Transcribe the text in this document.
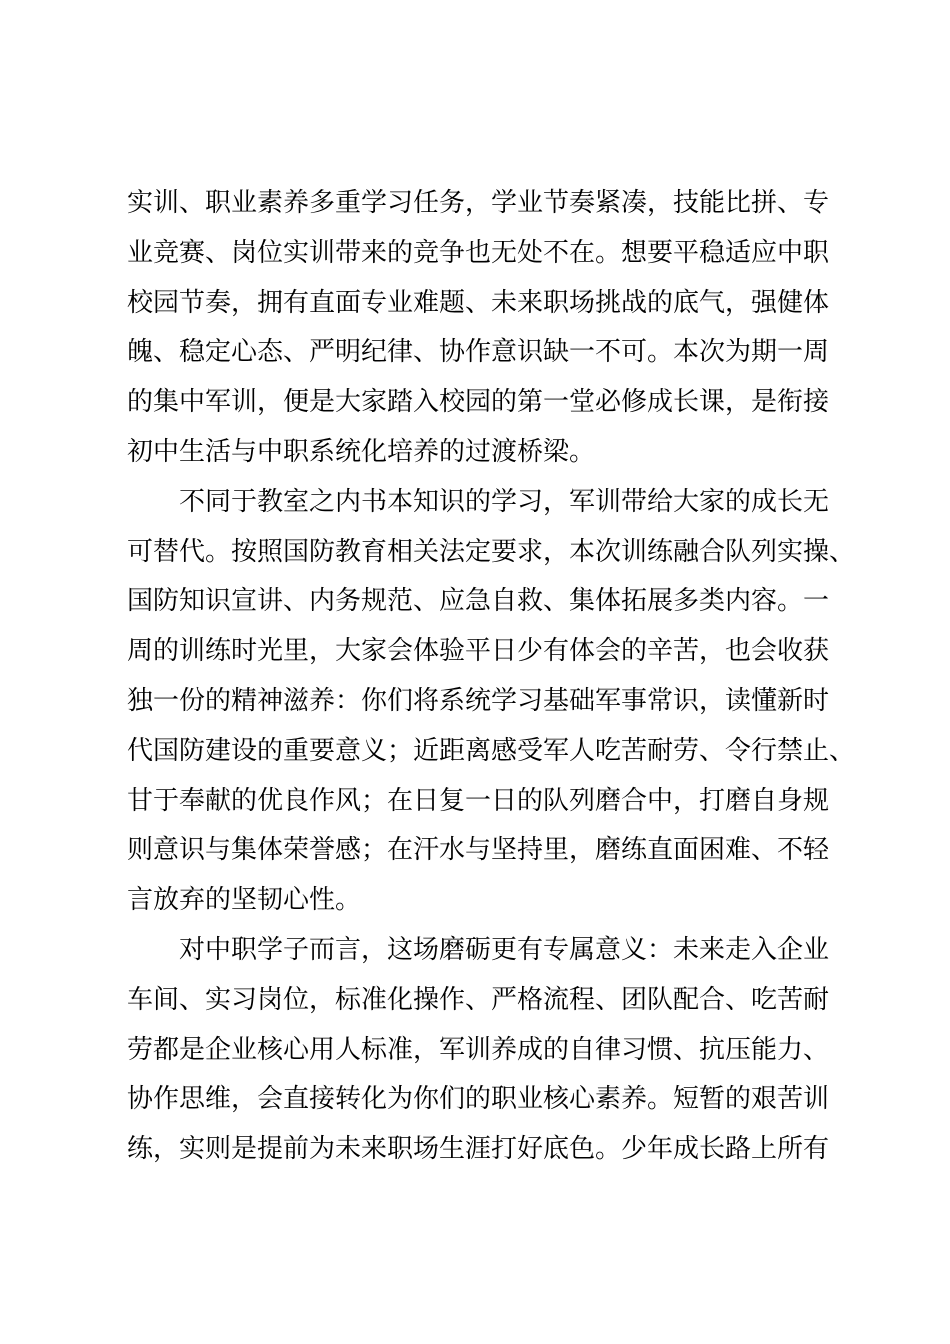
实训、职业素养多重学习任务，学业节奏紧凑，技能比拼、专
业竞赛、岗位实训带来的竞争也无处不在。想要平稳适应中职
校园节奏，拥有直面专业难题、未来职场挑战的底气，强健体
魄、稳定心态、严明纪律、协作意识缺一不可。本次为期一周
的集中军训，便是大家踏入校园的第一堂必修成长课，是衔接
初中生活与中职系统化培养的过渡桥梁。
　　不同于教室之内书本知识的学习，军训带给大家的成长无
可替代。按照国防教育相关法定要求，本次训练融合队列实操、
国防知识宣讲、内务规范、应急自救、集体拓展多类内容。一
周的训练时光里，大家会体验平日少有体会的辛苦，也会收获
独一份的精神滋养：你们将系统学习基础军事常识，读懂新时
代国防建设的重要意义；近距离感受军人吃苦耐劳、令行禁止、
甘于奉献的优良作风；在日复一日的队列磨合中，打磨自身规
则意识与集体荣誉感；在汗水与坚持里，磨练直面困难、不轻
言放弃的坚韧心性。
　　对中职学子而言，这场磨砺更有专属意义：未来走入企业
车间、实习岗位，标准化操作、严格流程、团队配合、吃苦耐
劳都是企业核心用人标准，军训养成的自律习惯、抗压能力、
协作思维，会直接转化为你们的职业核心素养。短暂的艰苦训
练，实则是提前为未来职场生涯打好底色。少年成长路上所有
